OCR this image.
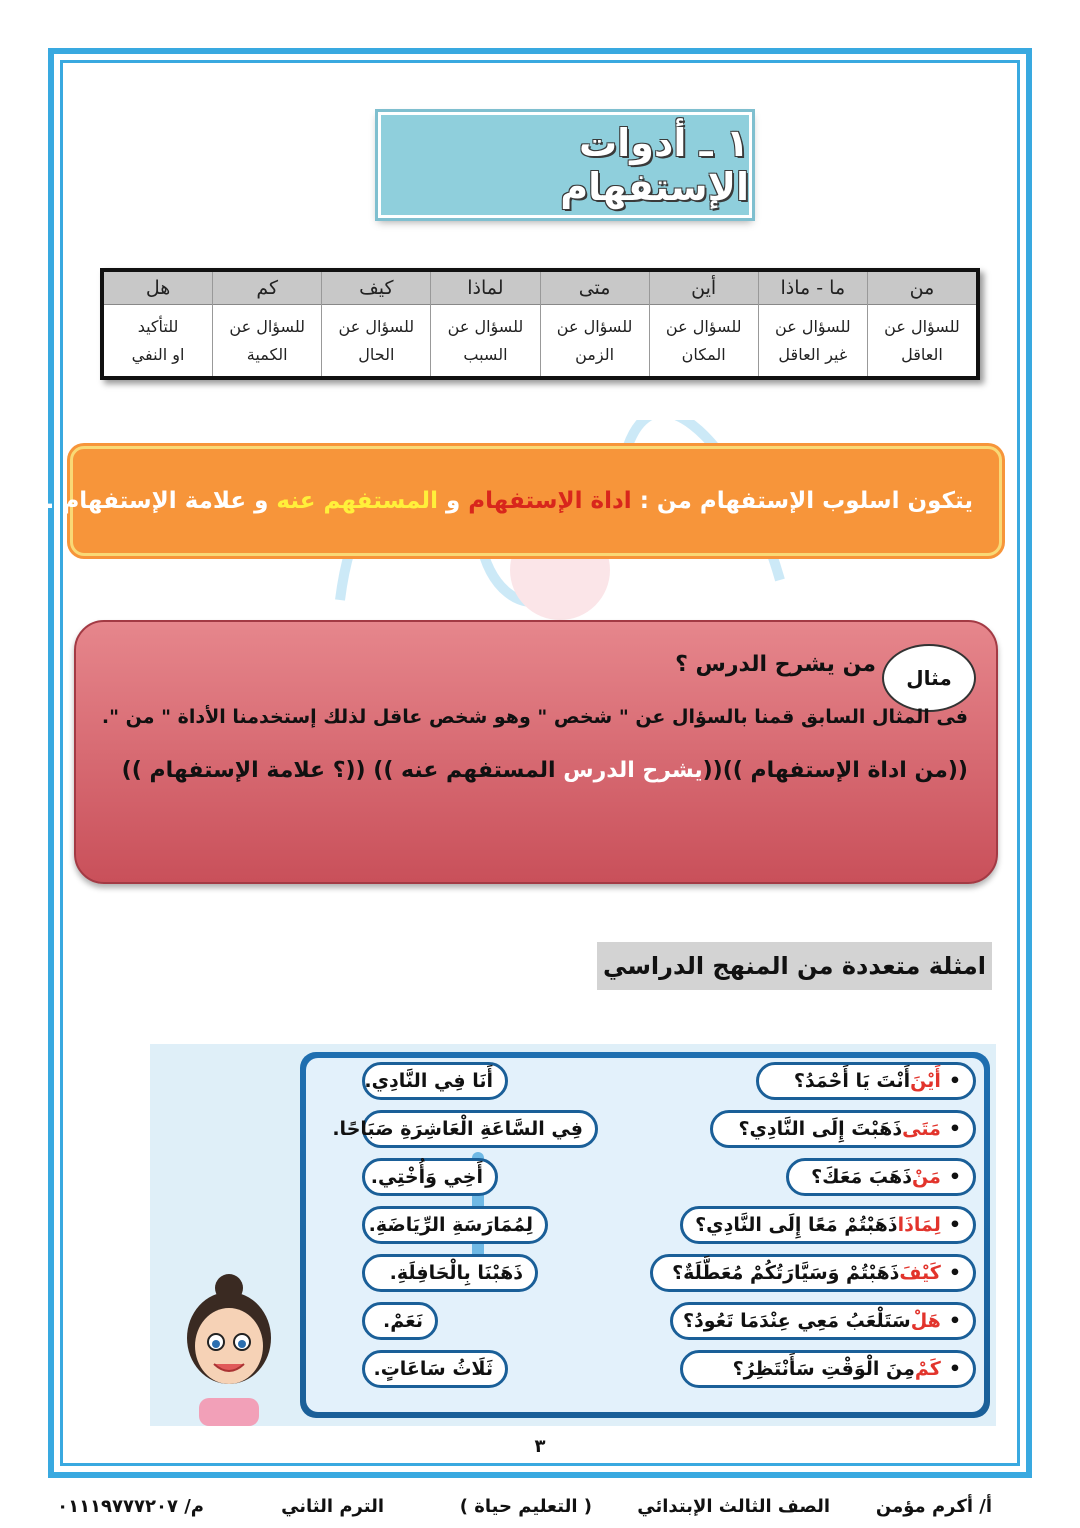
١ ـ أدوات الإستفهام
من
للسؤال عن
العاقل
ما - ماذا
للسؤال عن
غير العاقل
أين
للسؤال عن
المكان
متى
للسؤال عن
الزمن
لماذا
للسؤال عن
السبب
كيف
للسؤال عن
الحال
كم
للسؤال عن
الكمية
هل
للتأكيد
او النفي
يتكون اسلوب الإستفهام من :

اداة الإستفهام

و

المستفهم عنه

و

علامة الإستفهام

.
مثال
من يشرح الدرس ؟
فى المثال السابق قمنا بالسؤال عن " شخص " وهو شخص عاقل لذلك إستخدمنا الأداة " من ".
((من اداة الإستفهام ))((يشرح الدرس المستفهم عنه )) ((؟ علامة الإستفهام ))
امثلة متعددة من المنهج الدراسي
•
أَيْنَ
أَنْتَ يَا أَحْمَدُ؟
•
مَتَى
ذَهَبْتَ إِلَى النَّادِي؟
•
مَنْ
ذَهَبَ مَعَكَ؟
•
لِمَاذَا
ذَهَبْتُمْ مَعًا إِلَى النَّادِي؟
•
كَيْفَ
ذَهَبْتُمْ وَسَيَّارَتُكُمْ مُعَطَّلَةٌ؟
•
هَلْ
سَتَلْعَبُ مَعِي عِنْدَمَا تَعُودُ؟
•
كَمْ
مِنَ الْوَقْتِ سَأَنْتَظِرُ؟
أَنَا فِي النَّادِي.
فِي السَّاعَةِ الْعَاشِرَةِ صَبَاحًا.
أَخِي وَأُخْتِي.
لِمُمَارَسَةِ الرِّيَاضَةِ.
ذَهَبْنَا بِالْحَافِلَةِ.
نَعَمْ.
ثَلَاثُ سَاعَاتٍ.
٣
أ/ أكرم مؤمن
الصف الثالث الإبتدائي
( التعليم حياة )
الترم الثاني
م/ ٠١١١٩٧٧٧٢٠٧
